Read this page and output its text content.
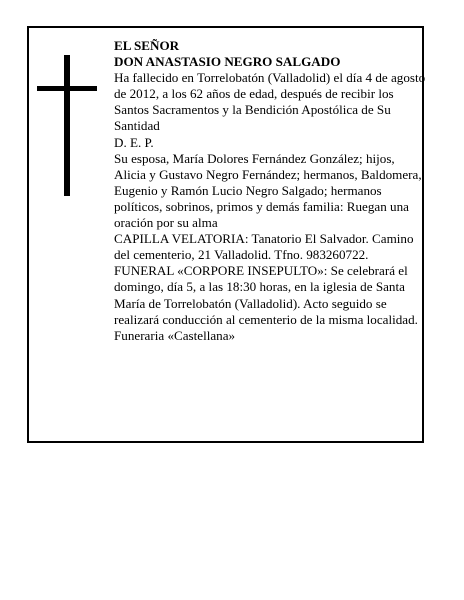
EL SEÑOR

DON ANASTASIO NEGRO SALGADO

Ha fallecido en Torrelobatón (Valladolid) el día 4 de agosto de 2012, a los 62 años de edad, después de recibir los Santos Sacramentos y la Bendición Apostólica de Su Santidad

D. E. P.

Su esposa, María Dolores Fernández González; hijos, Alicia y Gustavo Negro Fernández; hermanos, Baldomera, Eugenio y Ramón Lucio Negro Salgado; hermanos políticos, sobrinos, primos y demás familia: Ruegan una oración por su alma

CAPILLA VELATORIA: Tanatorio El Salvador. Camino del cementerio, 21 Valladolid. Tfno. 983260722.

FUNERAL «CORPORE INSEPULTO»: Se celebrará el domingo, día 5, a las 18:30 horas, en la iglesia de Santa María de Torrelobatón (Valladolid). Acto seguido se realizará conducción al cementerio de la misma localidad.

Funeraria «Castellana»
